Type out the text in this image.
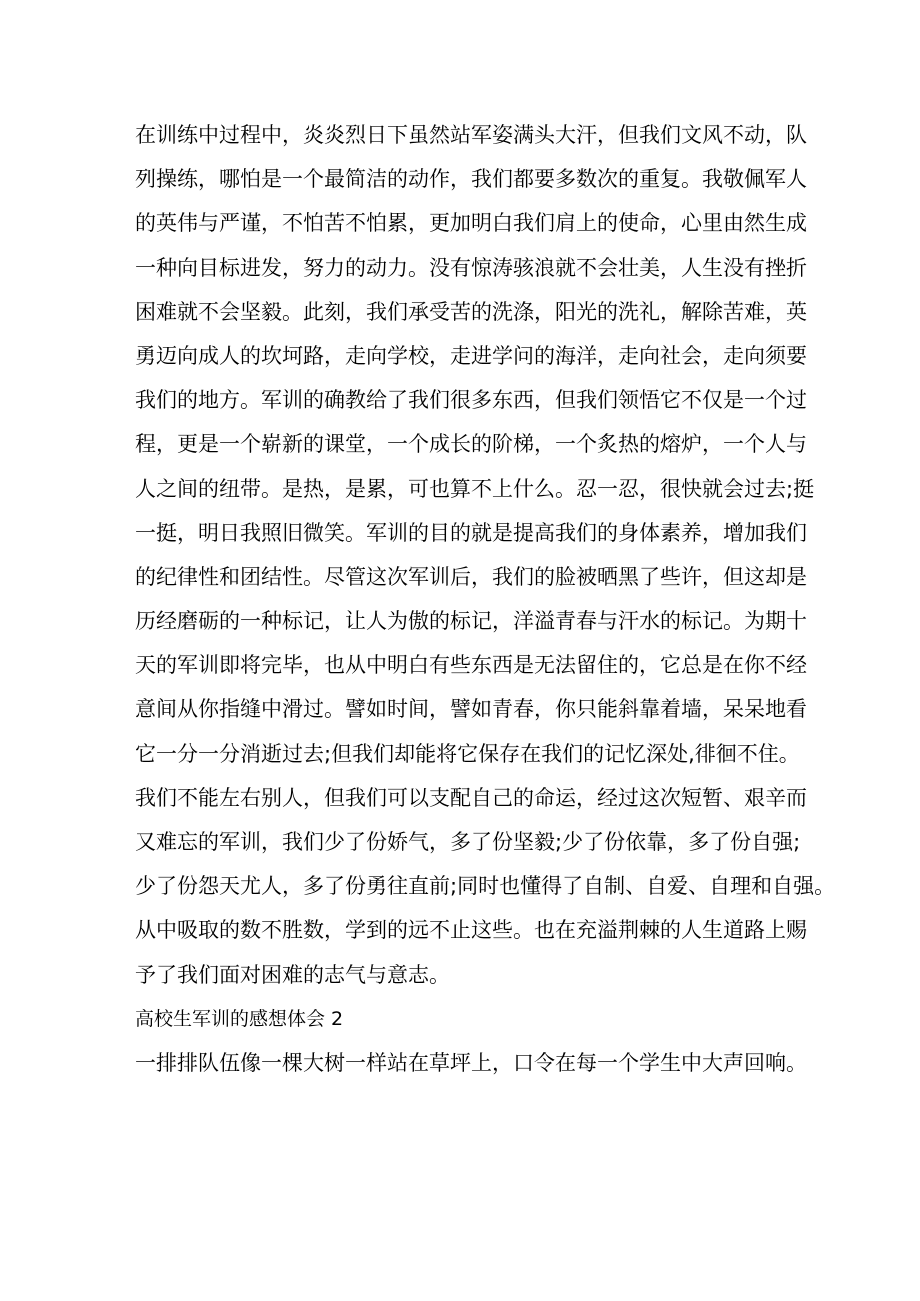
在训练中过程中，炎炎烈日下虽然站军姿满头大汗，但我们文风不动，队
列操练，哪怕是一个最简洁的动作，我们都要多数次的重复。我敬佩军人
的英伟与严谨，不怕苦不怕累，更加明白我们肩上的使命，心里由然生成
一种向目标进发，努力的动力。没有惊涛骇浪就不会壮美，人生没有挫折
困难就不会坚毅。此刻，我们承受苦的洗涤，阳光的洗礼，解除苦难，英
勇迈向成人的坎坷路，走向学校，走进学问的海洋，走向社会，走向须要
我们的地方。军训的确教给了我们很多东西，但我们领悟它不仅是一个过
程，更是一个崭新的课堂，一个成长的阶梯，一个炙热的熔炉，一个人与
人之间的纽带。是热，是累，可也算不上什么。忍一忍，很快就会过去;挺
一挺，明日我照旧微笑。军训的目的就是提高我们的身体素养，增加我们
的纪律性和团结性。尽管这次军训后，我们的脸被晒黑了些许，但这却是
历经磨砺的一种标记，让人为傲的标记，洋溢青春与汗水的标记。为期十
天的军训即将完毕，也从中明白有些东西是无法留住的，它总是在你不经
意间从你指缝中滑过。譬如时间，譬如青春，你只能斜靠着墙，呆呆地看
它一分一分消逝过去;但我们却能将它保存在我们的记忆深处,徘徊不住。
我们不能左右别人，但我们可以支配自己的命运，经过这次短暂、艰辛而
又难忘的军训，我们少了份娇气，多了份坚毅;少了份依靠，多了份自强;
少了份怨天尤人，多了份勇往直前;同时也懂得了自制、自爱、自理和自强。
从中吸取的数不胜数，学到的远不止这些。也在充溢荆棘的人生道路上赐
予了我们面对困难的志气与意志。
高校生军训的感想体会 2
一排排队伍像一棵大树一样站在草坪上，口令在每一个学生中大声回响。
